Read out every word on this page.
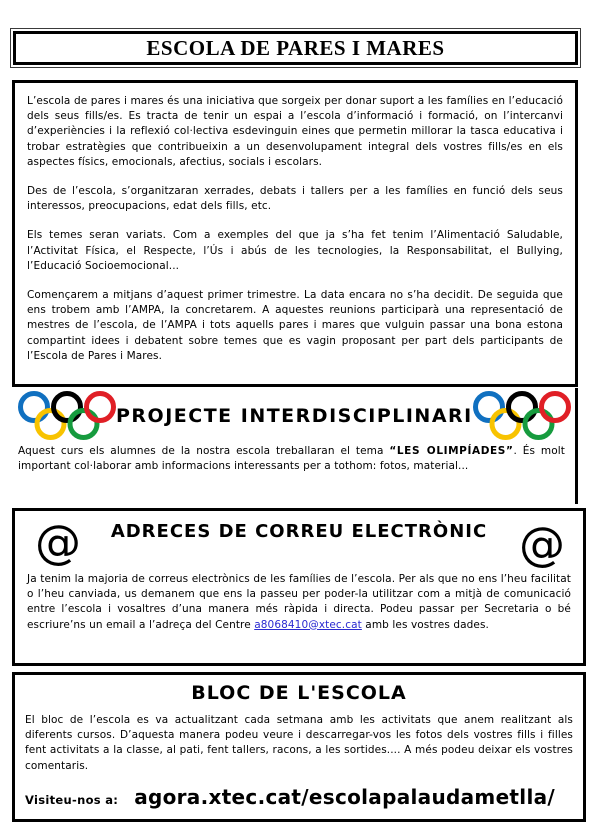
ESCOLA DE PARES I MARES

L’escola de pares i mares és una iniciativa que sorgeix per donar suport a les famílies en l’educació dels seus fills/es. Es tracta de tenir un espai a l’escola d’informació i formació, on l’intercanvi d’experiències i la reflexió col·lectiva esdevinguin eines que permetin millorar la tasca educativa i trobar estratègies que contribueixin a un desenvolupament integral dels vostres fills/es en els aspectes físics, emocionals, afectius, socials i escolars.

Des de l’escola, s’organitzaran xerrades, debats i tallers per a les famílies en funció dels seus interessos, preocupacions, edat dels fills, etc.

Els temes seran variats. Com a exemples del que ja s’ha fet tenim l’Alimentació Saludable, l’Activitat Física, el Respecte, l’Ús i abús de les tecnologies, la Responsabilitat, el Bullying, l’Educació Socioemocional...

Començarem a mitjans d’aquest primer trimestre. La data encara no s’ha decidit. De seguida que ens trobem amb l’AMPA, la concretarem. A aquestes reunions participarà una representació de mestres de l’escola, de l’AMPA i tots aquells pares i mares que vulguin passar una bona estona compartint idees i debatent sobre temes que es vagin proposant per part dels participants de l’Escola de Pares i Mares.

PROJECTE INTERDISCIPLINARI

Aquest curs els alumnes de la nostra escola treballaran el tema “LES OLIMPÍADES”. És molt important col·laborar amb informacions interessants per a tothom: fotos, material...

@	@
ADRECES DE CORREU ELECTRÒNIC

Ja tenim la majoria de correus electrònics de les famílies de l’escola. Per als que no ens l’heu facilitat o l’heu canviada, us demanem que ens la passeu per poder-la utilitzar com a mitjà de comunicació entre l’escola i vosaltres d’una manera més ràpida i directa. Podeu passar per Secretaria o bé escriure’ns un email a l’adreça del Centre a8068410@xtec.cat amb les vostres dades.

BLOC DE L'ESCOLA

El bloc de l’escola es va actualitzant cada setmana amb les activitats que anem realitzant als diferents cursos. D’aquesta manera podeu veure i descarregar-vos les fotos dels vostres fills i filles fent activitats a la classe, al pati, fent tallers, racons, a les sortides.... A més podeu deixar els vostres comentaris.

Visiteu-nos a: agora.xtec.cat/escolapalaudametlla/
